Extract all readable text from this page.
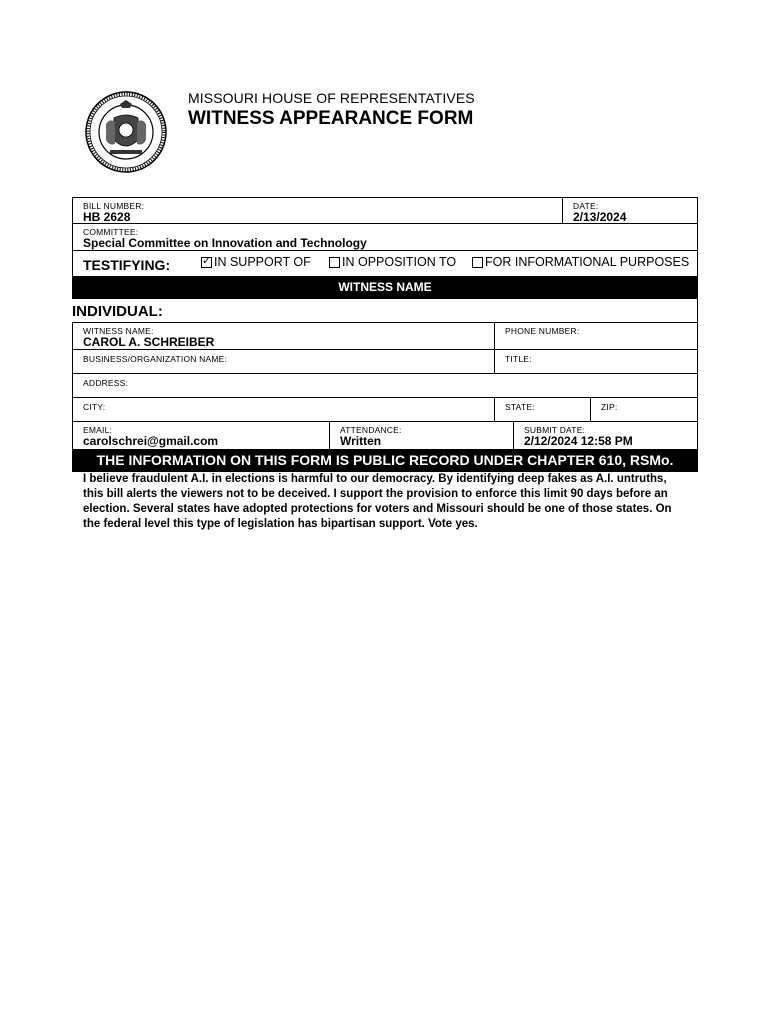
MISSOURI HOUSE OF REPRESENTATIVES
WITNESS APPEARANCE FORM
BILL NUMBER:
HB 2628
DATE:
2/13/2024
COMMITTEE:
Special Committee on Innovation and Technology
TESTIFYING:	✓ IN SUPPORT OF IN OPPOSITION TO FOR INFORMATIONAL PURPOSES
WITNESS NAME
INDIVIDUAL:
WITNESS NAME:
CAROL A. SCHREIBER
PHONE NUMBER:
BUSINESS/ORGANIZATION NAME:	TITLE:
ADDRESS:
CITY:	STATE:	ZIP:
EMAIL:
carolschrei@gmail.com
ATTENDANCE:
Written
SUBMIT DATE:
2/12/2024 12:58 PM
THE INFORMATION ON THIS FORM IS PUBLIC RECORD UNDER CHAPTER 610, RSMo.
I believe fraudulent A.I. in elections is harmful to our democracy. By identifying deep fakes as A.I. untruths, this bill alerts the viewers not to be deceived. I support the provision to enforce this limit 90 days before an election. Several states have adopted protections for voters and Missouri should be one of those states. On the federal level this type of legislation has bipartisan support. Vote yes.
